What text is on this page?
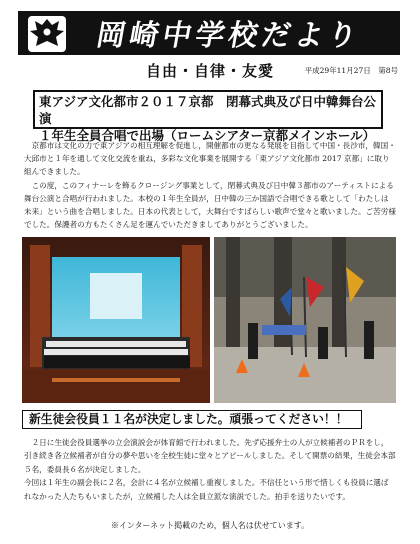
岡崎中学校だより
自由・自律・友愛	平成29年11月27日　第8号
東アジア文化都市２０１７京都　閉幕式典及び日中韓舞台公演
１年生全員合唱で出場（ロームシアター京都メインホール）

京都市は文化の力で東アジアの相互理解を促進し，開催都市の更なる発展を目指して中国・長沙市，韓国・大邱市と１年を通して文化交流を重ね，多彩な文化事業を展開する「東アジア文化都市 2017 京都」に取り組んできました。

この度，このフィナーレを飾るクロージング事業として，閉幕式典及び日中韓３都市のアーティストによる舞台公演と合唱が行われました。本校の１年生全員が，日中韓の三か国語で合唱できる歌として「わたしは未来」という曲を合唱しました。日本の代表として，大舞台ですばらしい歌声で堂々と歌いました。ご苦労様でした。保護者の方もたくさん足を運んでいただきましてありがとうございました。

新生徒会役員１１名が決定しました。頑張ってください！！

２日に生徒会役員選挙の立会演説会が体育館で行われました。先ず応援弁士の人が立候補者のＰＲをし，引き続き各立候補者が自分の夢や思いを全校生徒に堂々とアピールしました。そして開票の結果，生徒会本部５名，委員長６名が決定しました。

今回は１年生の副会長に２名，会計に４名が立候補し重複しました。不信任という形で惜しくも役員に選ばれなかった人たちもいましたが，立候補した人は全員立派な演説でした。拍手を送りたいです。

※インターネット掲載のため，個人名は伏せています。
